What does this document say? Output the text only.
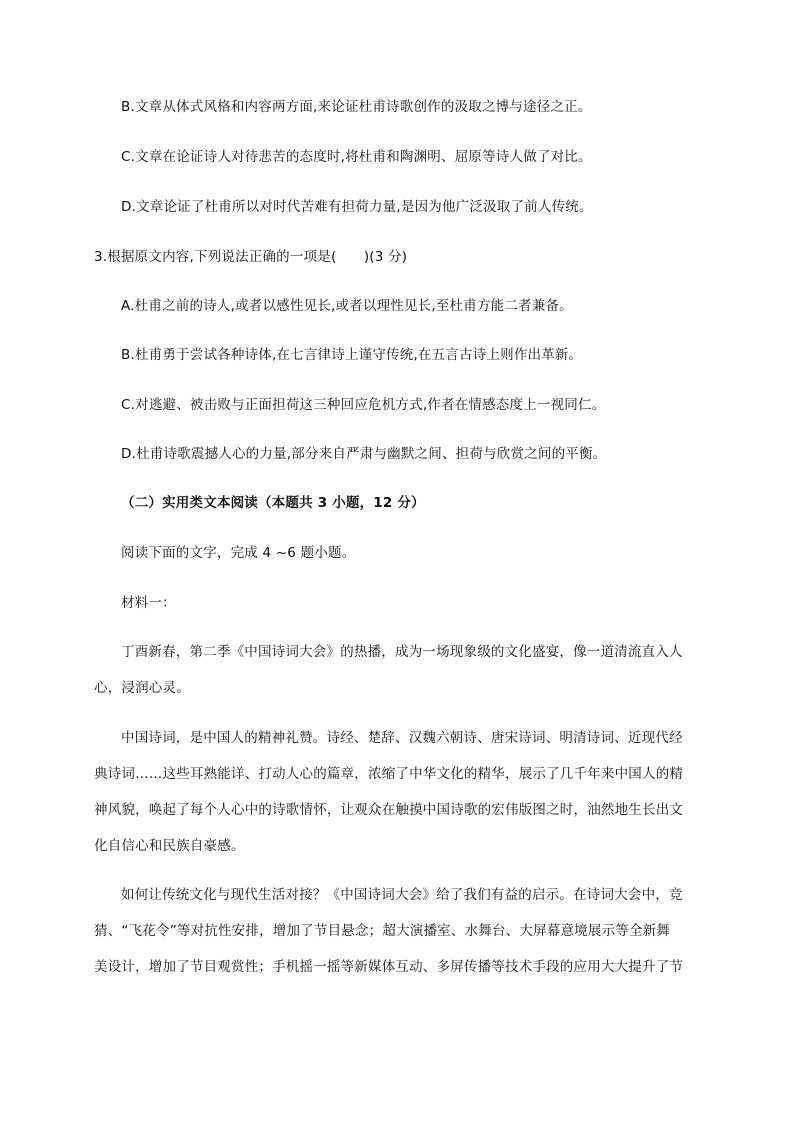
B.文章从体式风格和内容两方面,来论证杜甫诗歌创作的汲取之博与途径之正。
C.文章在论证诗人对待悲苦的态度时,将杜甫和陶渊明、屈原等诗人做了对比。
D.文章论证了杜甫所以对时代苦难有担荷力量,是因为他广泛汲取了前人传统。
3.根据原文内容,下列说法正确的一项是(　　)(3 分)
A.杜甫之前的诗人,或者以感性见长,或者以理性见长,至杜甫方能二者兼备。
B.杜甫勇于尝试各种诗体,在七言律诗上谨守传统,在五言古诗上则作出革新。
C.对逃避、被击败与正面担荷这三种回应危机方式,作者在情感态度上一视同仁。
D.杜甫诗歌震撼人心的力量,部分来自严肃与幽默之间、担荷与欣赏之间的平衡。
（二）实用类文本阅读（本题共 3 小题，12 分）
阅读下面的文字，完成 4 ~6 题小题。
材料一：
丁酉新春，第二季《中国诗词大会》的热播，成为一场现象级的文化盛宴，像一道清流直入人
心，浸润心灵。
中国诗词，是中国人的精神礼赞。诗经、楚辞、汉魏六朝诗、唐宋诗词、明清诗词、近现代经
典诗词……这些耳熟能详、打动人心的篇章，浓缩了中华文化的精华，展示了几千年来中国人的精
神风貌，唤起了每个人心中的诗歌情怀，让观众在触摸中国诗歌的宏伟版图之时，油然地生长出文
化自信心和民族自豪感。
如何让传统文化与现代生活对接？《中国诗词大会》给了我们有益的启示。在诗词大会中，竞
猜、“飞花令”等对抗性安排，增加了节目悬念；超大演播室、水舞台、大屏幕意境展示等全新舞
美设计，增加了节目观赏性；手机摇一摇等新媒体互动、多屏传播等技术手段的应用大大提升了节
